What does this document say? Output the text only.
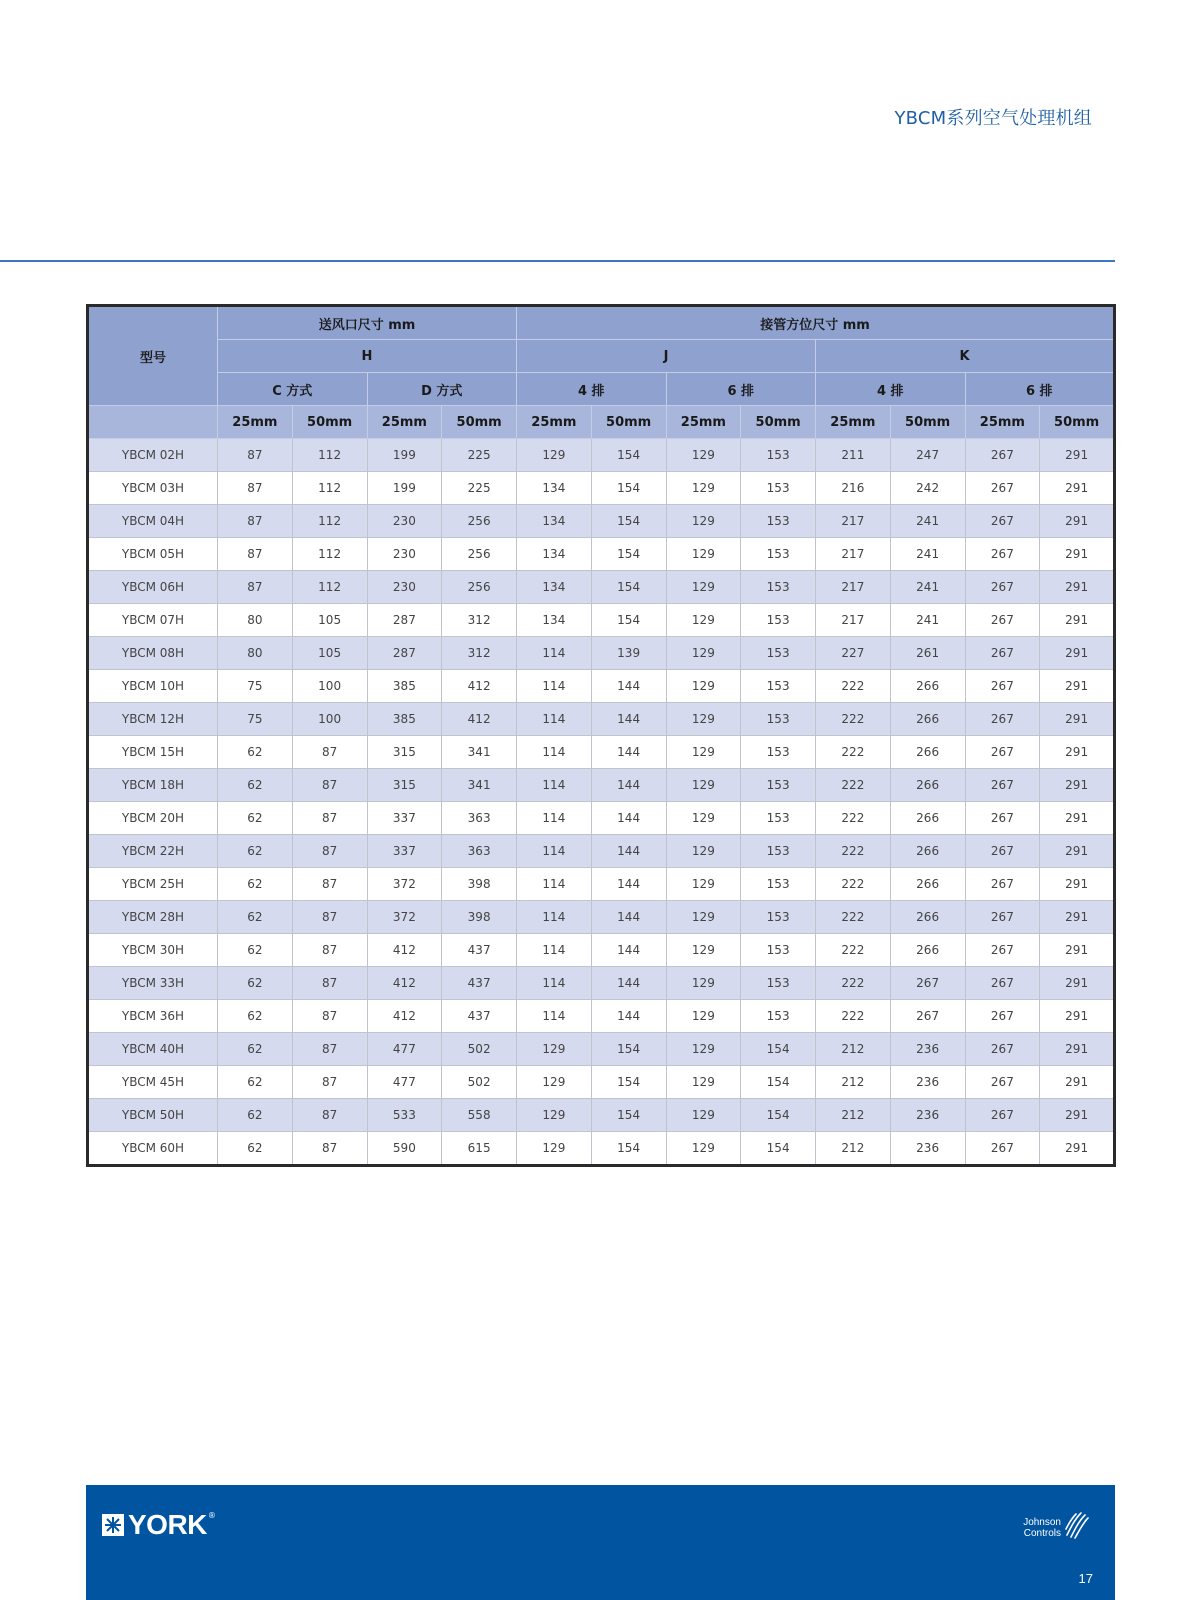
YBCM系列空气处理机组
型号	送风口尺寸 mm				接管方位尺寸 mm							
	H				J				K			
	C 方式		D 方式		4 排		6 排		4 排		6 排	
	25mm	50mm	25mm	50mm	25mm	50mm	25mm	50mm	25mm	50mm	25mm	50mm
YBCM 02H	87	112	199	225	129	154	129	153	211	247	267	291
YBCM 03H	87	112	199	225	134	154	129	153	216	242	267	291
YBCM 04H	87	112	230	256	134	154	129	153	217	241	267	291
YBCM 05H	87	112	230	256	134	154	129	153	217	241	267	291
YBCM 06H	87	112	230	256	134	154	129	153	217	241	267	291
YBCM 07H	80	105	287	312	134	154	129	153	217	241	267	291
YBCM 08H	80	105	287	312	114	139	129	153	227	261	267	291
YBCM 10H	75	100	385	412	114	144	129	153	222	266	267	291
YBCM 12H	75	100	385	412	114	144	129	153	222	266	267	291
YBCM 15H	62	87	315	341	114	144	129	153	222	266	267	291
YBCM 18H	62	87	315	341	114	144	129	153	222	266	267	291
YBCM 20H	62	87	337	363	114	144	129	153	222	266	267	291
YBCM 22H	62	87	337	363	114	144	129	153	222	266	267	291
YBCM 25H	62	87	372	398	114	144	129	153	222	266	267	291
YBCM 28H	62	87	372	398	114	144	129	153	222	266	267	291
YBCM 30H	62	87	412	437	114	144	129	153	222	266	267	291
YBCM 33H	62	87	412	437	114	144	129	153	222	267	267	291
YBCM 36H	62	87	412	437	114	144	129	153	222	267	267	291
YBCM 40H	62	87	477	502	129	154	129	154	212	236	267	291
YBCM 45H	62	87	477	502	129	154	129	154	212	236	267	291
YBCM 50H	62	87	533	558	129	154	129	154	212	236	267	291
YBCM 60H	62	87	590	615	129	154	129	154	212	236	267	291
YORK ®
Johnson
Controls
17
